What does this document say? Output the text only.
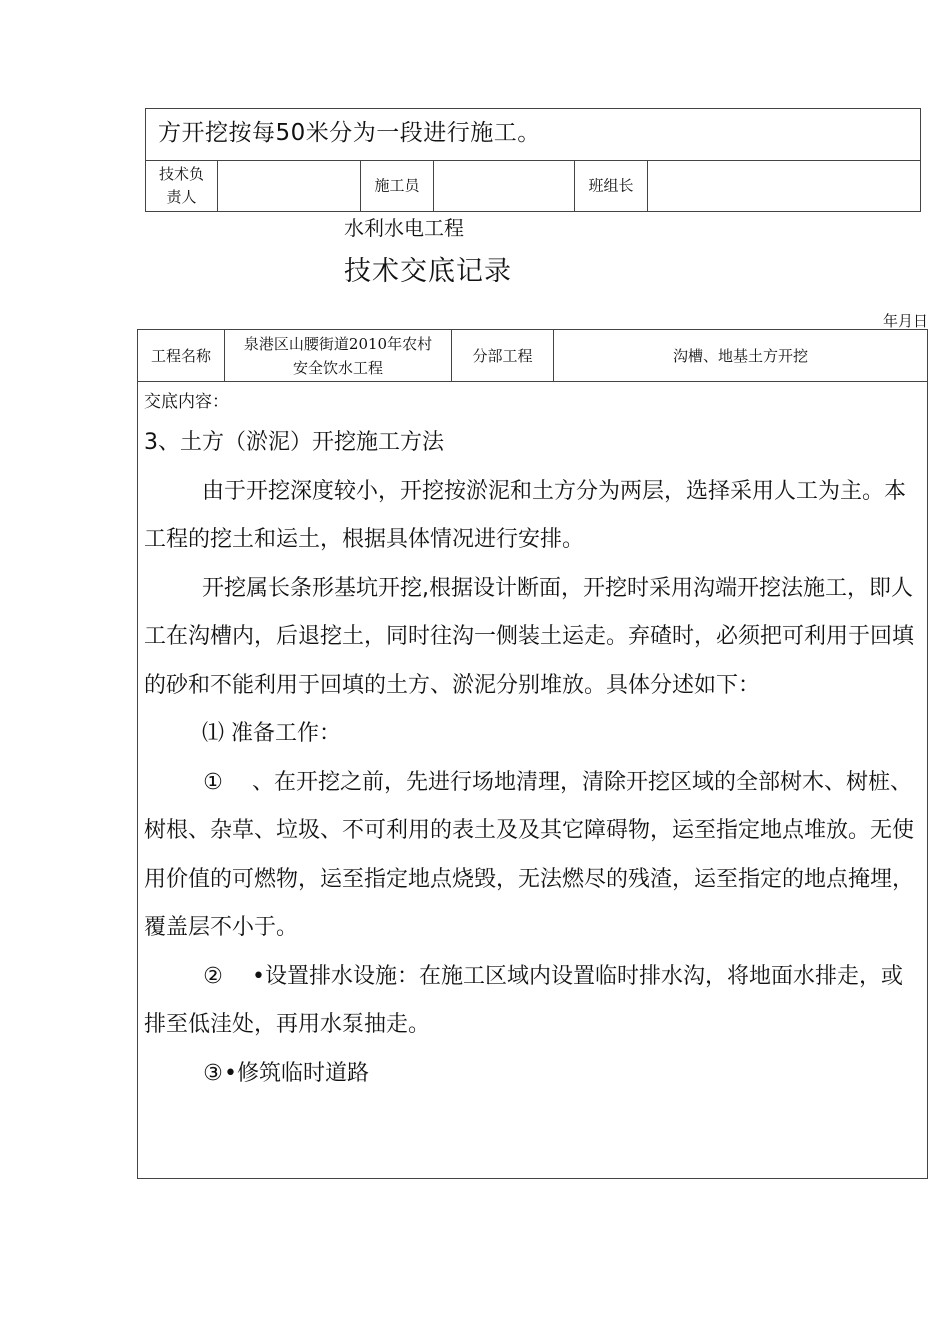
方开挖按每50米分为一段进行施工。
技术负
责人
施工员	班组长
水利水电工程
技术交底记录
年月日
工程名称
泉港区山腰街道2010年农村
安全饮水工程
分部工程	沟槽、地基土方开挖
交底内容：

3、土方（淤泥）开挖施工方法

由于开挖深度较小，开挖按淤泥和土方分为两层，选择采用人工为主。本工程的挖土和运土，根据具体情况进行安排。

开挖属长条形基坑开挖,根据设计断面，开挖时采用沟端开挖法施工，即人工在沟槽内，后退挖土，同时往沟一侧装土运走。弃碴时，必须把可利用于回填的砂和不能利用于回填的土方、淤泥分别堆放。具体分述如下：

⑴ 准备工作：

① 、在开挖之前，先进行场地清理，清除开挖区域的全部树木、树桩、树根、杂草、垃圾、不可利用的表土及及其它障碍物，运至指定地点堆放。无使用价值的可燃物，运至指定地点烧毁，无法燃尽的残渣，运至指定的地点掩埋，覆盖层不小于。

② •设置排水设施：在施工区域内设置临时排水沟，将地面水排走，或排至低洼处，再用水泵抽走。

③•修筑临时道路
